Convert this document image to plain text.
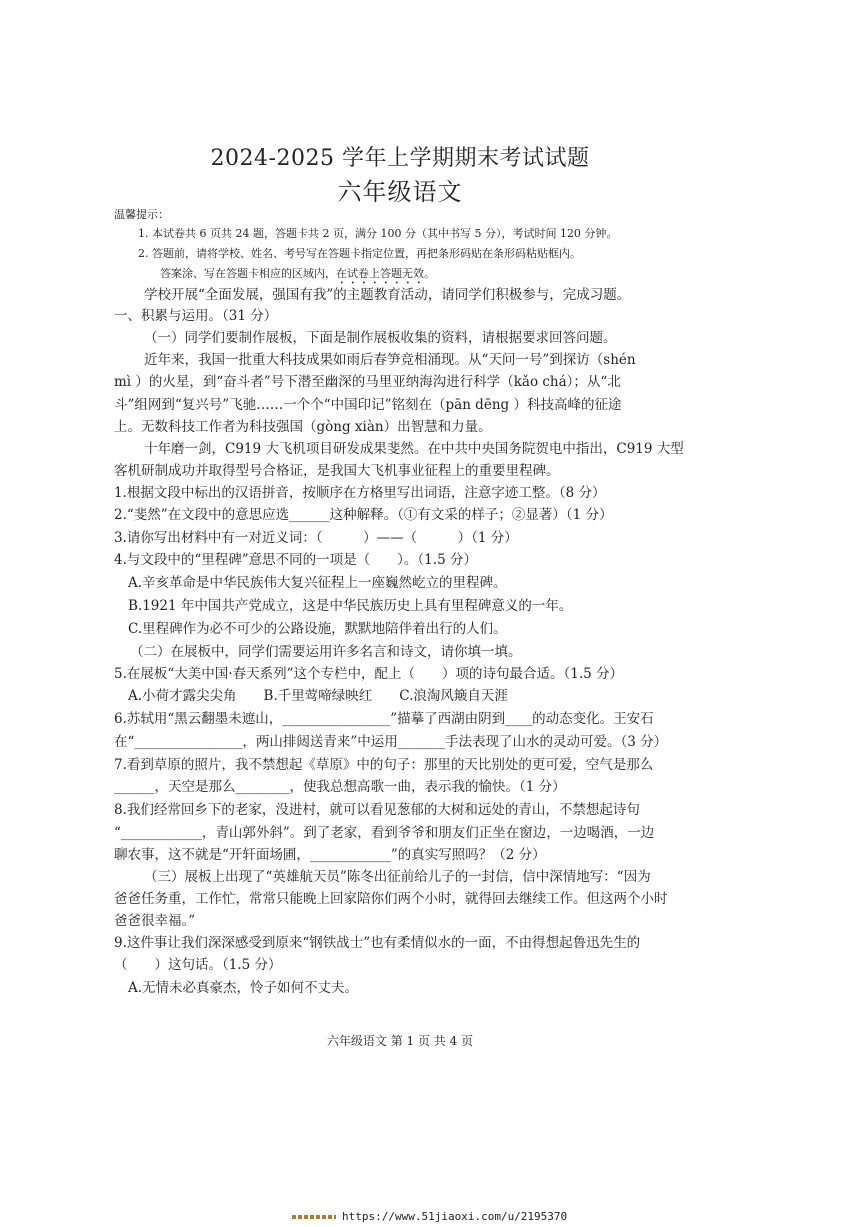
2024-2025 学年上学期期末考试试题
六年级语文
温馨提示：
1. 本试卷共 6 页共 24 题，答题卡共 2 页，满分 100 分（其中书写 5 分），考试时间 120 分钟。
2. 答题前，请将学校、姓名、考号写在答题卡指定位置，再把条形码贴在条形码粘贴框内。
答案涂、写在答题卡相应的区域内，在试卷上答题无效。
学校开展“全面发展，强国有我”的主题教育活动，请同学们积极参与，完成习题。
一、积累与运用。（31 分）
（一）同学们要制作展板，下面是制作展板收集的资料，请根据要求回答问题。
近年来，我国一批重大科技成果如雨后春笋竞相涌现。从“天问一号”到探访（shén
mì ）的火星，到“奋斗者”号下潜至幽深的马里亚纳海沟进行科学（kǎo chá）；从“北
斗”组网到“复兴号”飞驰……一个个“中国印记”铭刻在（pān dēng ）科技高峰的征途
上。无数科技工作者为科技强国（gòng xiàn）出智慧和力量。
十年磨一剑，C919 大飞机项目研发成果斐然。在中共中央国务院贺电中指出，C919 大型
客机研制成功并取得型号合格证，是我国大飞机事业征程上的重要里程碑。
1.根据文段中标出的汉语拼音，按顺序在方格里写出词语，注意字迹工整。（8 分）
2.“斐然”在文段中的意思应选______这种解释。（①有文采的样子；②显著）（1 分）
3.请你写出材料中有一对近义词：（　　　）——（　　　）（1 分）
4.与文段中的“里程碑”意思不同的一项是（　　）。（1.5 分）
A.辛亥革命是中华民族伟大复兴征程上一座巍然屹立的里程碑。
B.1921 年中国共产党成立，这是中华民族历史上具有里程碑意义的一年。
C.里程碑作为必不可少的公路设施，默默地陪伴着出行的人们。
（二）在展板中，同学们需要运用许多名言和诗文，请你填一填。
5.在展板“大美中国·春天系列”这个专栏中，配上（　　）项的诗句最合适。（1.5 分）
A.小荷才露尖尖角　　B.千里莺啼绿映红　　C.浪淘风簸自天涯
6.苏轼用“黑云翻墨未遮山，________________”描摹了西湖由阴到____的动态变化。王安石
在“________________，两山排闼送青来”中运用_______手法表现了山水的灵动可爱。（3 分）
7.看到草原的照片，我不禁想起《草原》中的句子：那里的天比别处的更可爱，空气是那么
______，天空是那么________，使我总想高歌一曲，表示我的愉快。（1 分）
8.我们经常回乡下的老家，没进村，就可以看见葱郁的大树和远处的青山，不禁想起诗句
“____________，青山郭外斜”。到了老家，看到爷爷和朋友们正坐在窗边，一边喝酒，一边
聊农事，这不就是“开轩面场圃，____________”的真实写照吗？（2 分）
（三）展板上出现了“英雄航天员”陈冬出征前给儿子的一封信，信中深情地写：“因为
爸爸任务重，工作忙，常常只能晚上回家陪你们两个小时，就得回去继续工作。但这两个小时
爸爸很幸福。”
9.这件事让我们深深感受到原来“钢铁战士”也有柔情似水的一面，不由得想起鲁迅先生的
（　　）这句话。（1.5 分）
A.无情未必真豪杰，怜子如何不丈夫。
六年级语文 第 1 页 共 4 页
https://www.51jiaoxi.com/u/2195370
